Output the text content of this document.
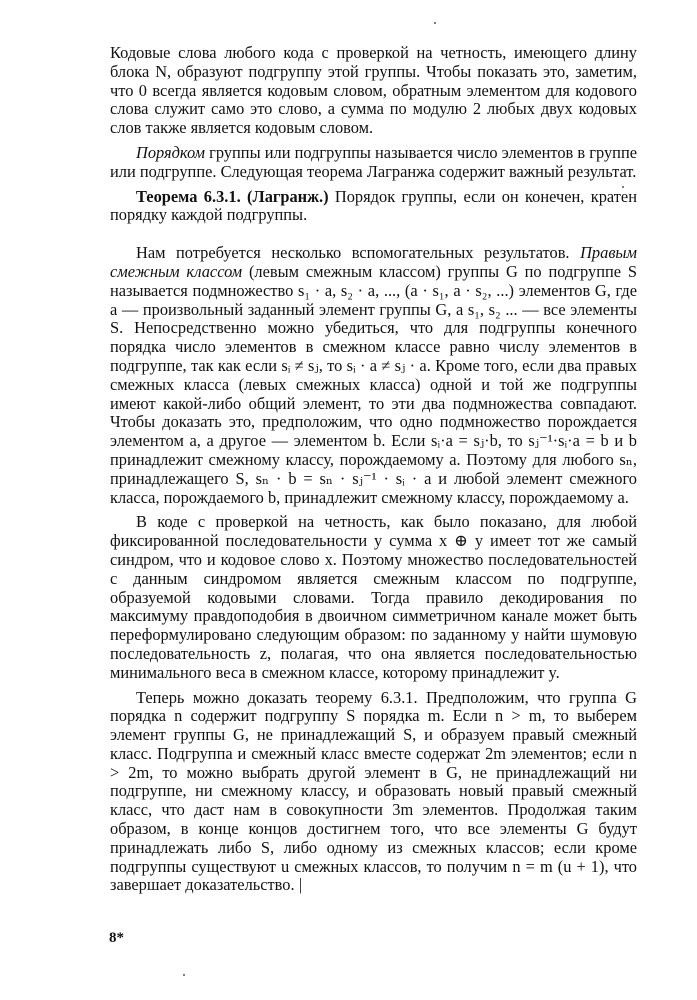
Кодовые слова любого кода с проверкой на четность, имеющего длину блока N, образуют подгруппу этой группы. Чтобы показать это, заметим, что 0 всегда является кодовым словом, обратным элементом для кодового слова служит само это слово, а сумма по модулю 2 любых двух кодовых слов также является кодовым словом.

Порядком группы или подгруппы называется число элементов в группе или подгруппе. Следующая теорема Лагранжа содержит важный результат.

Теорема 6.3.1. (Лагранж.) Порядок группы, если он конечен, кратен порядку каждой подгруппы.

Нам потребуется несколько вспомогательных результатов. Правым смежным классом (левым смежным классом) группы G по подгруппе S называется подмножество s₁ · a, s₂ · a, ..., (a · s₁, a · s₂, ...) элементов G, где a — произвольный заданный элемент группы G, а s₁, s₂ ... — все элементы S. Непосредственно можно убедиться, что для подгруппы конечного порядка число элементов в смежном классе равно числу элементов в подгруппе, так как если sᵢ ≠ sⱼ, то sᵢ · a ≠ sⱼ · a. Кроме того, если два правых смежных класса (левых смежных класса) одной и той же подгруппы имеют какой-либо общий элемент, то эти два подмножества совпадают. Чтобы доказать это, предположим, что одно подмножество порождается элементом a, а другое — элементом b. Если sᵢ·a = sⱼ·b, то sⱼ⁻¹·sᵢ·a = b и b принадлежит смежному классу, порождаемому a. Поэтому для любого sₙ, принадлежащего S, sₙ · b = sₙ · sⱼ⁻¹ · sᵢ · a и любой элемент смежного класса, порождаемого b, принадлежит смежному классу, порождаемому a.

В коде с проверкой на четность, как было показано, для любой фиксированной последовательности y сумма x ⊕ y имеет тот же самый синдром, что и кодовое слово x. Поэтому множество последовательностей с данным синдромом является смежным классом по подгруппе, образуемой кодовыми словами. Тогда правило декодирования по максимуму правдоподобия в двоичном симметричном канале может быть переформулировано следующим образом: по заданному y найти шумовую последовательность z, полагая, что она является последовательностью минимального веса в смежном классе, которому принадлежит y.

Теперь можно доказать теорему 6.3.1. Предположим, что группа G порядка n содержит подгруппу S порядка m. Если n > m, то выберем элемент группы G, не принадлежащий S, и образуем правый смежный класс. Подгруппа и смежный класс вместе содержат 2m элементов; если n > 2m, то можно выбрать другой элемент в G, не принадлежащий ни подгруппе, ни смежному классу, и образовать новый правый смежный класс, что даст нам в совокупности 3m элементов. Продолжая таким образом, в конце концов достигнем того, что все элементы G будут принадлежать либо S, либо одному из смежных классов; если кроме подгруппы существуют u смежных классов, то получим n = m (u + 1), что завершает доказательство. |

8*
